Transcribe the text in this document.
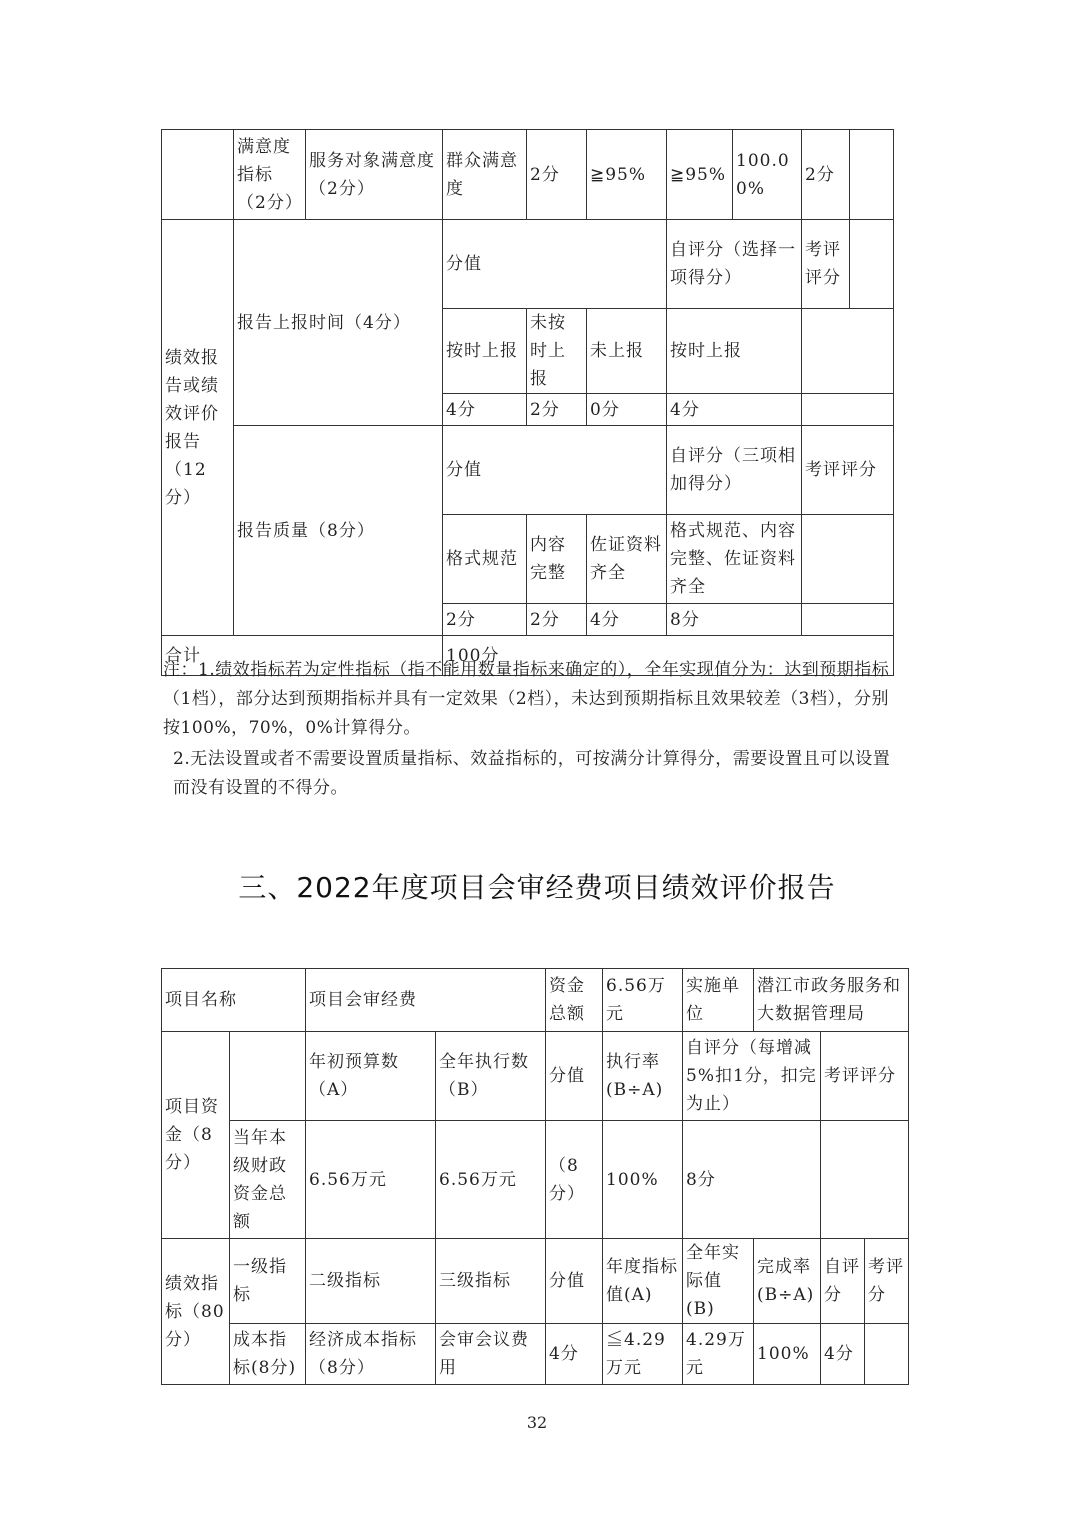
	满意度指标（2分）	服务对象满意度（2分）	群众满意度	2分	≧95%	≧95%	100.00%	2分	
绩效报告或绩效评价报告（12分）	报告上报时间（4分）		分值			自评分（选择一项得分）		考评评分	
			按时上报	未按时上报	未上报	按时上报			
			4分	2分	0分	4分			
	报告质量（8分）		分值			自评分（三项相加得分）		考评评分	
			格式规范	内容完整	佐证资料齐全	格式规范、内容完整、佐证资料齐全			
			2分	2分	4分	8分			
合计			100分						
注：1.绩效指标若为定性指标（指不能用数量指标来确定的），全年实现值分为：达到预期指标（1档），部分达到预期指标并具有一定效果（2档），未达到预期指标且效果较差（3档），分别按100%，70%，0%计算得分。
2.无法设置或者不需要设置质量指标、效益指标的，可按满分计算得分，需要设置且可以设置而没有设置的不得分。
三、2022年度项目会审经费项目绩效评价报告
项目名称		项目会审经费		资金总额	6.56万元	实施单位	潜江市政务服务和大数据管理局		
项目资金（8分）		年初预算数（A）	全年执行数（B）	分值	执行率(B÷A)	自评分（每增减5%扣1分，扣完为止）		考评评分	
	当年本级财政资金总额	6.56万元	6.56万元	（8分）	100%	8分			
绩效指标（80分）	一级指标	二级指标	三级指标	分值	年度指标值(A)	全年实际值(B)	完成率(B÷A)	自评分	考评分
	成本指标(8分)	经济成本指标（8分）	会审会议费用	4分	≦4.29万元	4.29万元	100%	4分	
32
